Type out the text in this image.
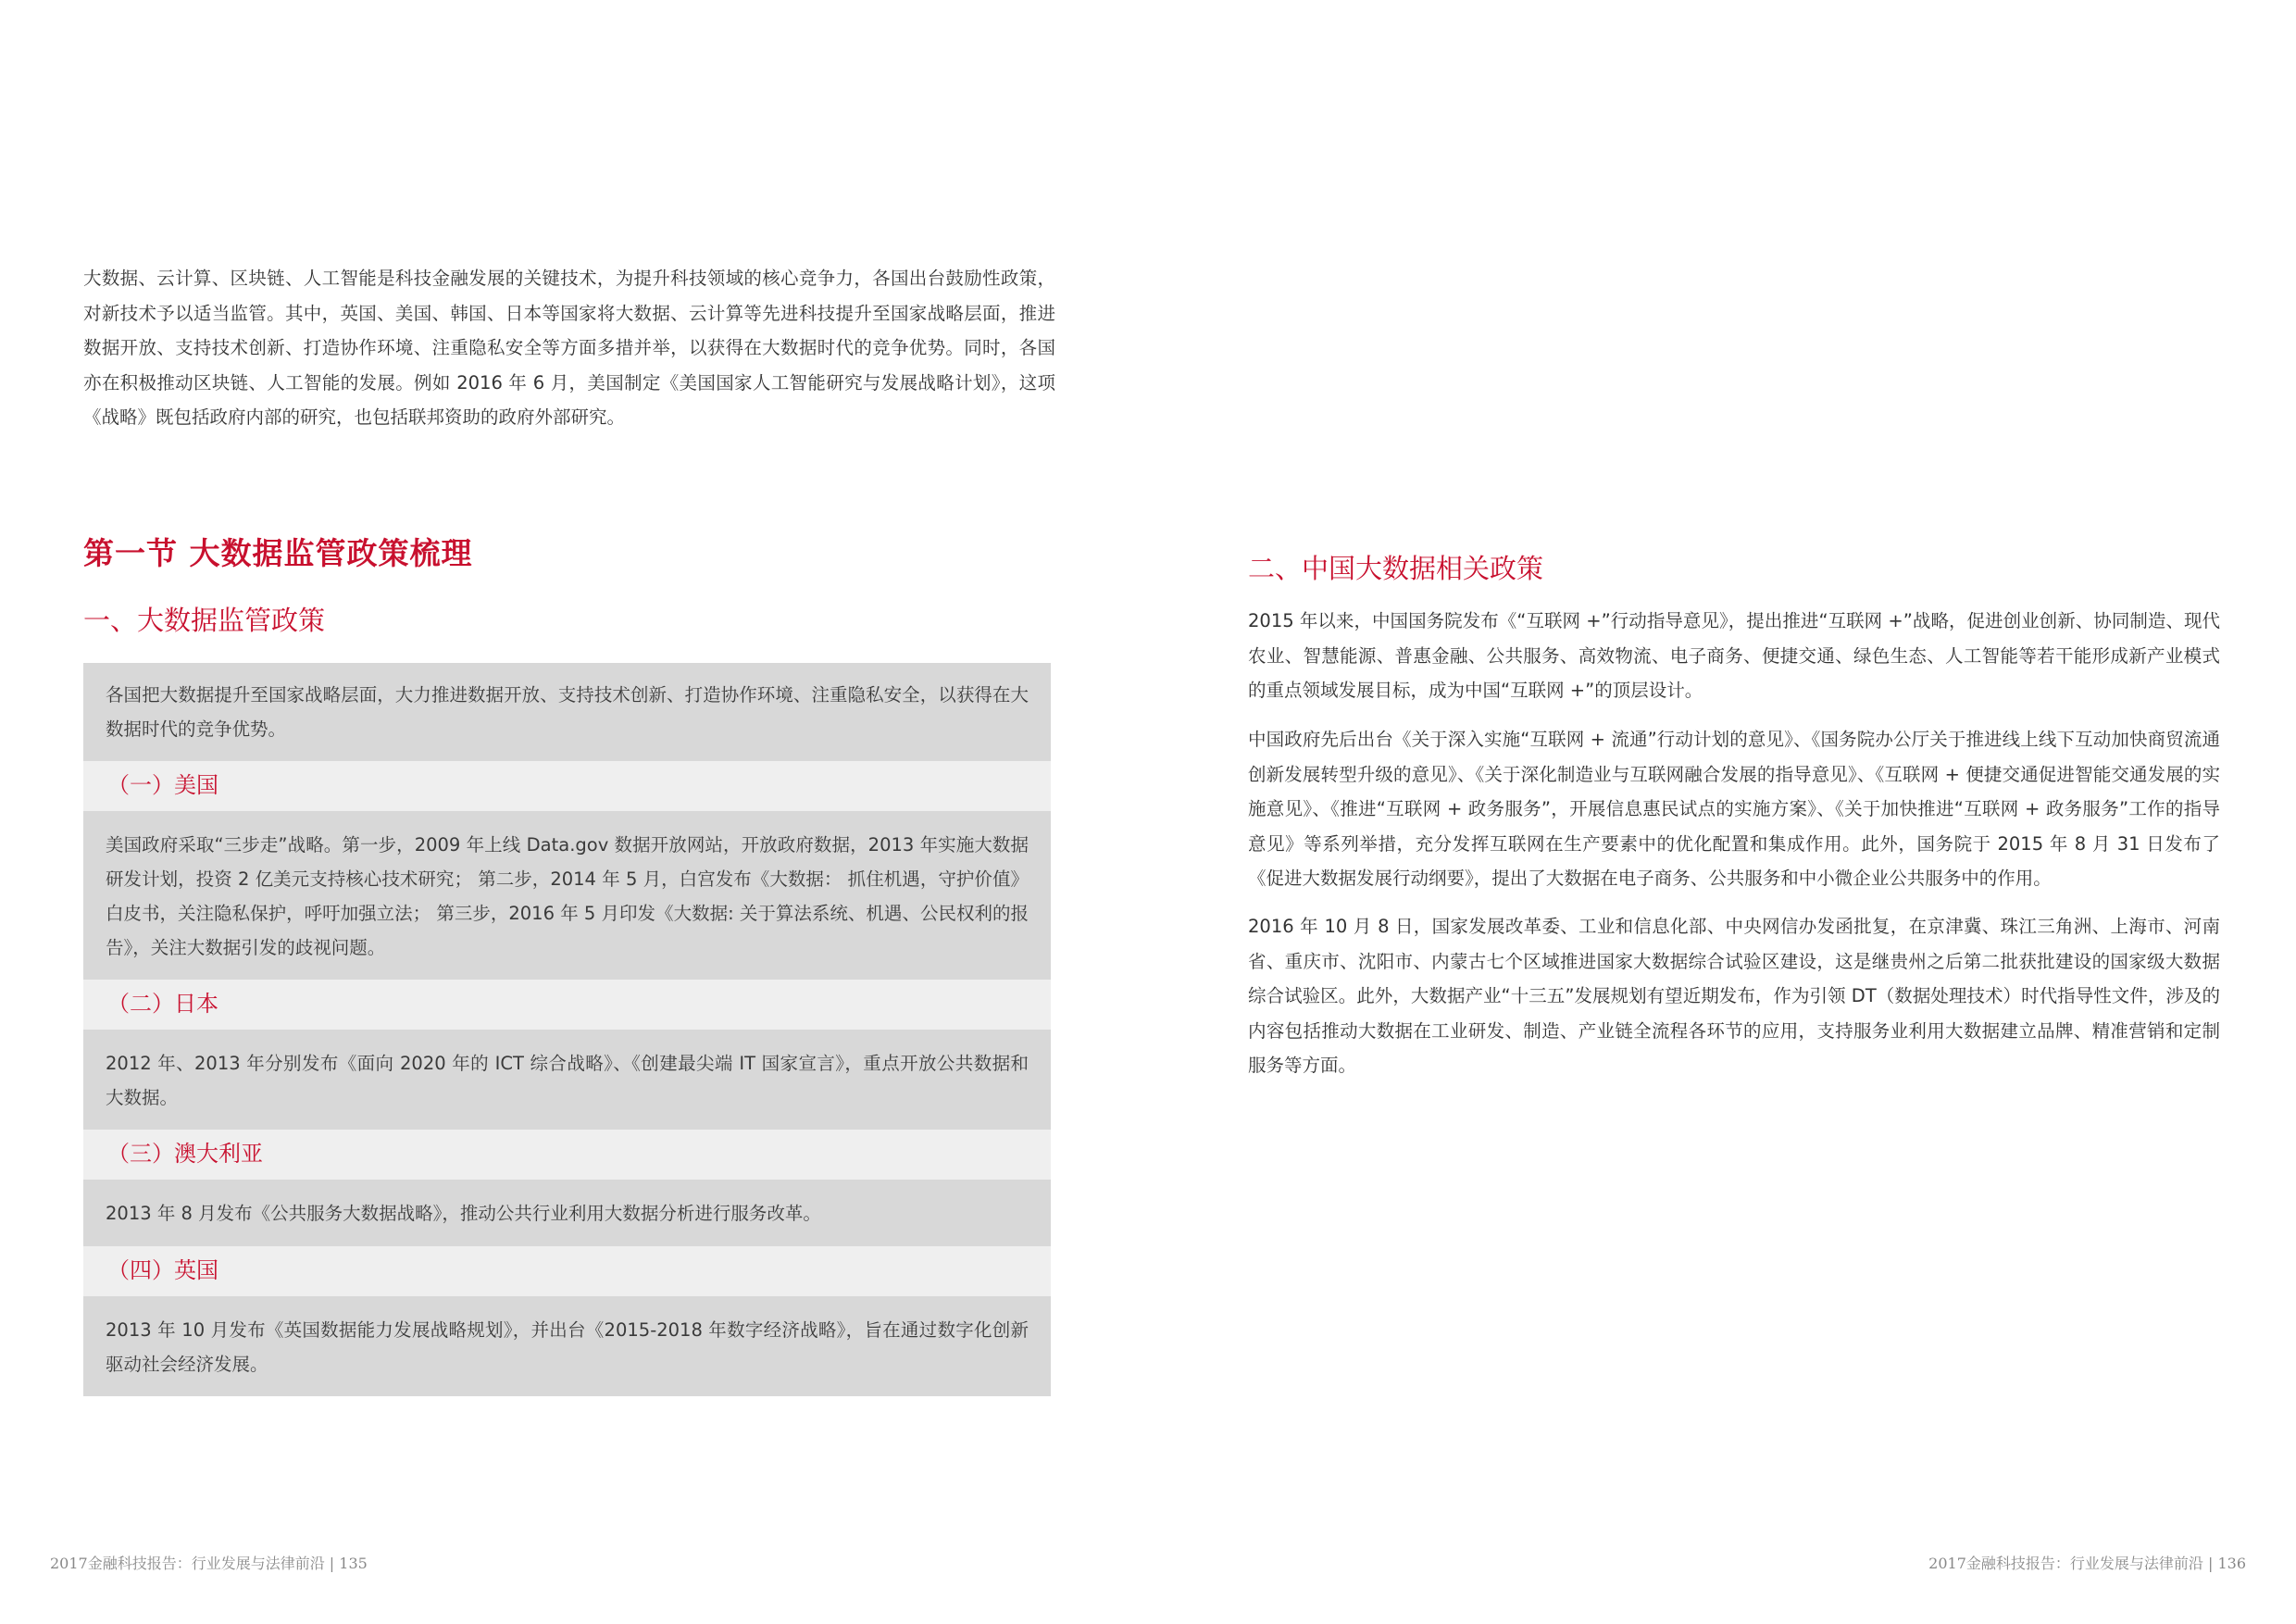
大数据、云计算、区块链、人工智能是科技金融发展的关键技术，为提升科技领域的核心竞争力，各国出台鼓励性政策，对新技术予以适当监管。其中，英国、美国、韩国、日本等国家将大数据、云计算等先进科技提升至国家战略层面，推进数据开放、支持技术创新、打造协作环境、注重隐私安全等方面多措并举，以获得在大数据时代的竞争优势。同时，各国亦在积极推动区块链、人工智能的发展。例如 2016 年 6 月，美国制定《美国国家人工智能研究与发展战略计划》，这项《战略》既包括政府内部的研究，也包括联邦资助的政府外部研究。

第一节 大数据监管政策梳理
一、大数据监管政策

各国把大数据提升至国家战略层面，大力推进数据开放、支持技术创新、打造协作环境、注重隐私安全，以获得在大数据时代的竞争优势。

（一）美国

美国政府采取“三步走”战略。第一步，2009 年上线 Data.gov 数据开放网站，开放政府数据，2013 年实施大数据研发计划，投资 2 亿美元支持核心技术研究； 第二步，2014 年 5 月，白宫发布《大数据： 抓住机遇，守护价值》白皮书，关注隐私保护，呼吁加强立法； 第三步，2016 年 5 月印发《大数据: 关于算法系统、机遇、公民权利的报告》，关注大数据引发的歧视问题。

（二）日本

2012 年、2013 年分别发布《面向 2020 年的 ICT 综合战略》、《创建最尖端 IT 国家宣言》，重点开放公共数据和大数据。

（三）澳大利亚

2013 年 8 月发布《公共服务大数据战略》，推动公共行业利用大数据分析进行服务改革。

（四）英国

2013 年 10 月发布《英国数据能力发展战略规划》，并出台《2015-2018 年数字经济战略》，旨在通过数字化创新驱动社会经济发展。

二、中国大数据相关政策

2015 年以来，中国国务院发布《“互联网 +”行动指导意见》，提出推进“互联网 +”战略，促进创业创新、协同制造、现代农业、智慧能源、普惠金融、公共服务、高效物流、电子商务、便捷交通、绿色生态、人工智能等若干能形成新产业模式的重点领域发展目标，成为中国“互联网 +”的顶层设计。

中国政府先后出台《关于深入实施“互联网 + 流通”行动计划的意见》、《国务院办公厅关于推进线上线下互动加快商贸流通创新发展转型升级的意见》、《关于深化制造业与互联网融合发展的指导意见》、《互联网 + 便捷交通促进智能交通发展的实施意见》、《推进“互联网 + 政务服务”，开展信息惠民试点的实施方案》、《关于加快推进“互联网 + 政务服务”工作的指导意见》等系列举措，充分发挥互联网在生产要素中的优化配置和集成作用。此外，国务院于 2015 年 8 月 31 日发布了《促进大数据发展行动纲要》，提出了大数据在电子商务、公共服务和中小微企业公共服务中的作用。

2016 年 10 月 8 日，国家发展改革委、工业和信息化部、中央网信办发函批复，在京津冀、珠江三角洲、上海市、河南省、重庆市、沈阳市、内蒙古七个区域推进国家大数据综合试验区建设，这是继贵州之后第二批获批建设的国家级大数据综合试验区。此外，大数据产业“十三五”发展规划有望近期发布，作为引领 DT（数据处理技术）时代指导性文件，涉及的内容包括推动大数据在工业研发、制造、产业链全流程各环节的应用，支持服务业利用大数据建立品牌、精准营销和定制服务等方面。

2017金融科技报告：行业发展与法律前沿 | 135	2017金融科技报告：行业发展与法律前沿 | 136
